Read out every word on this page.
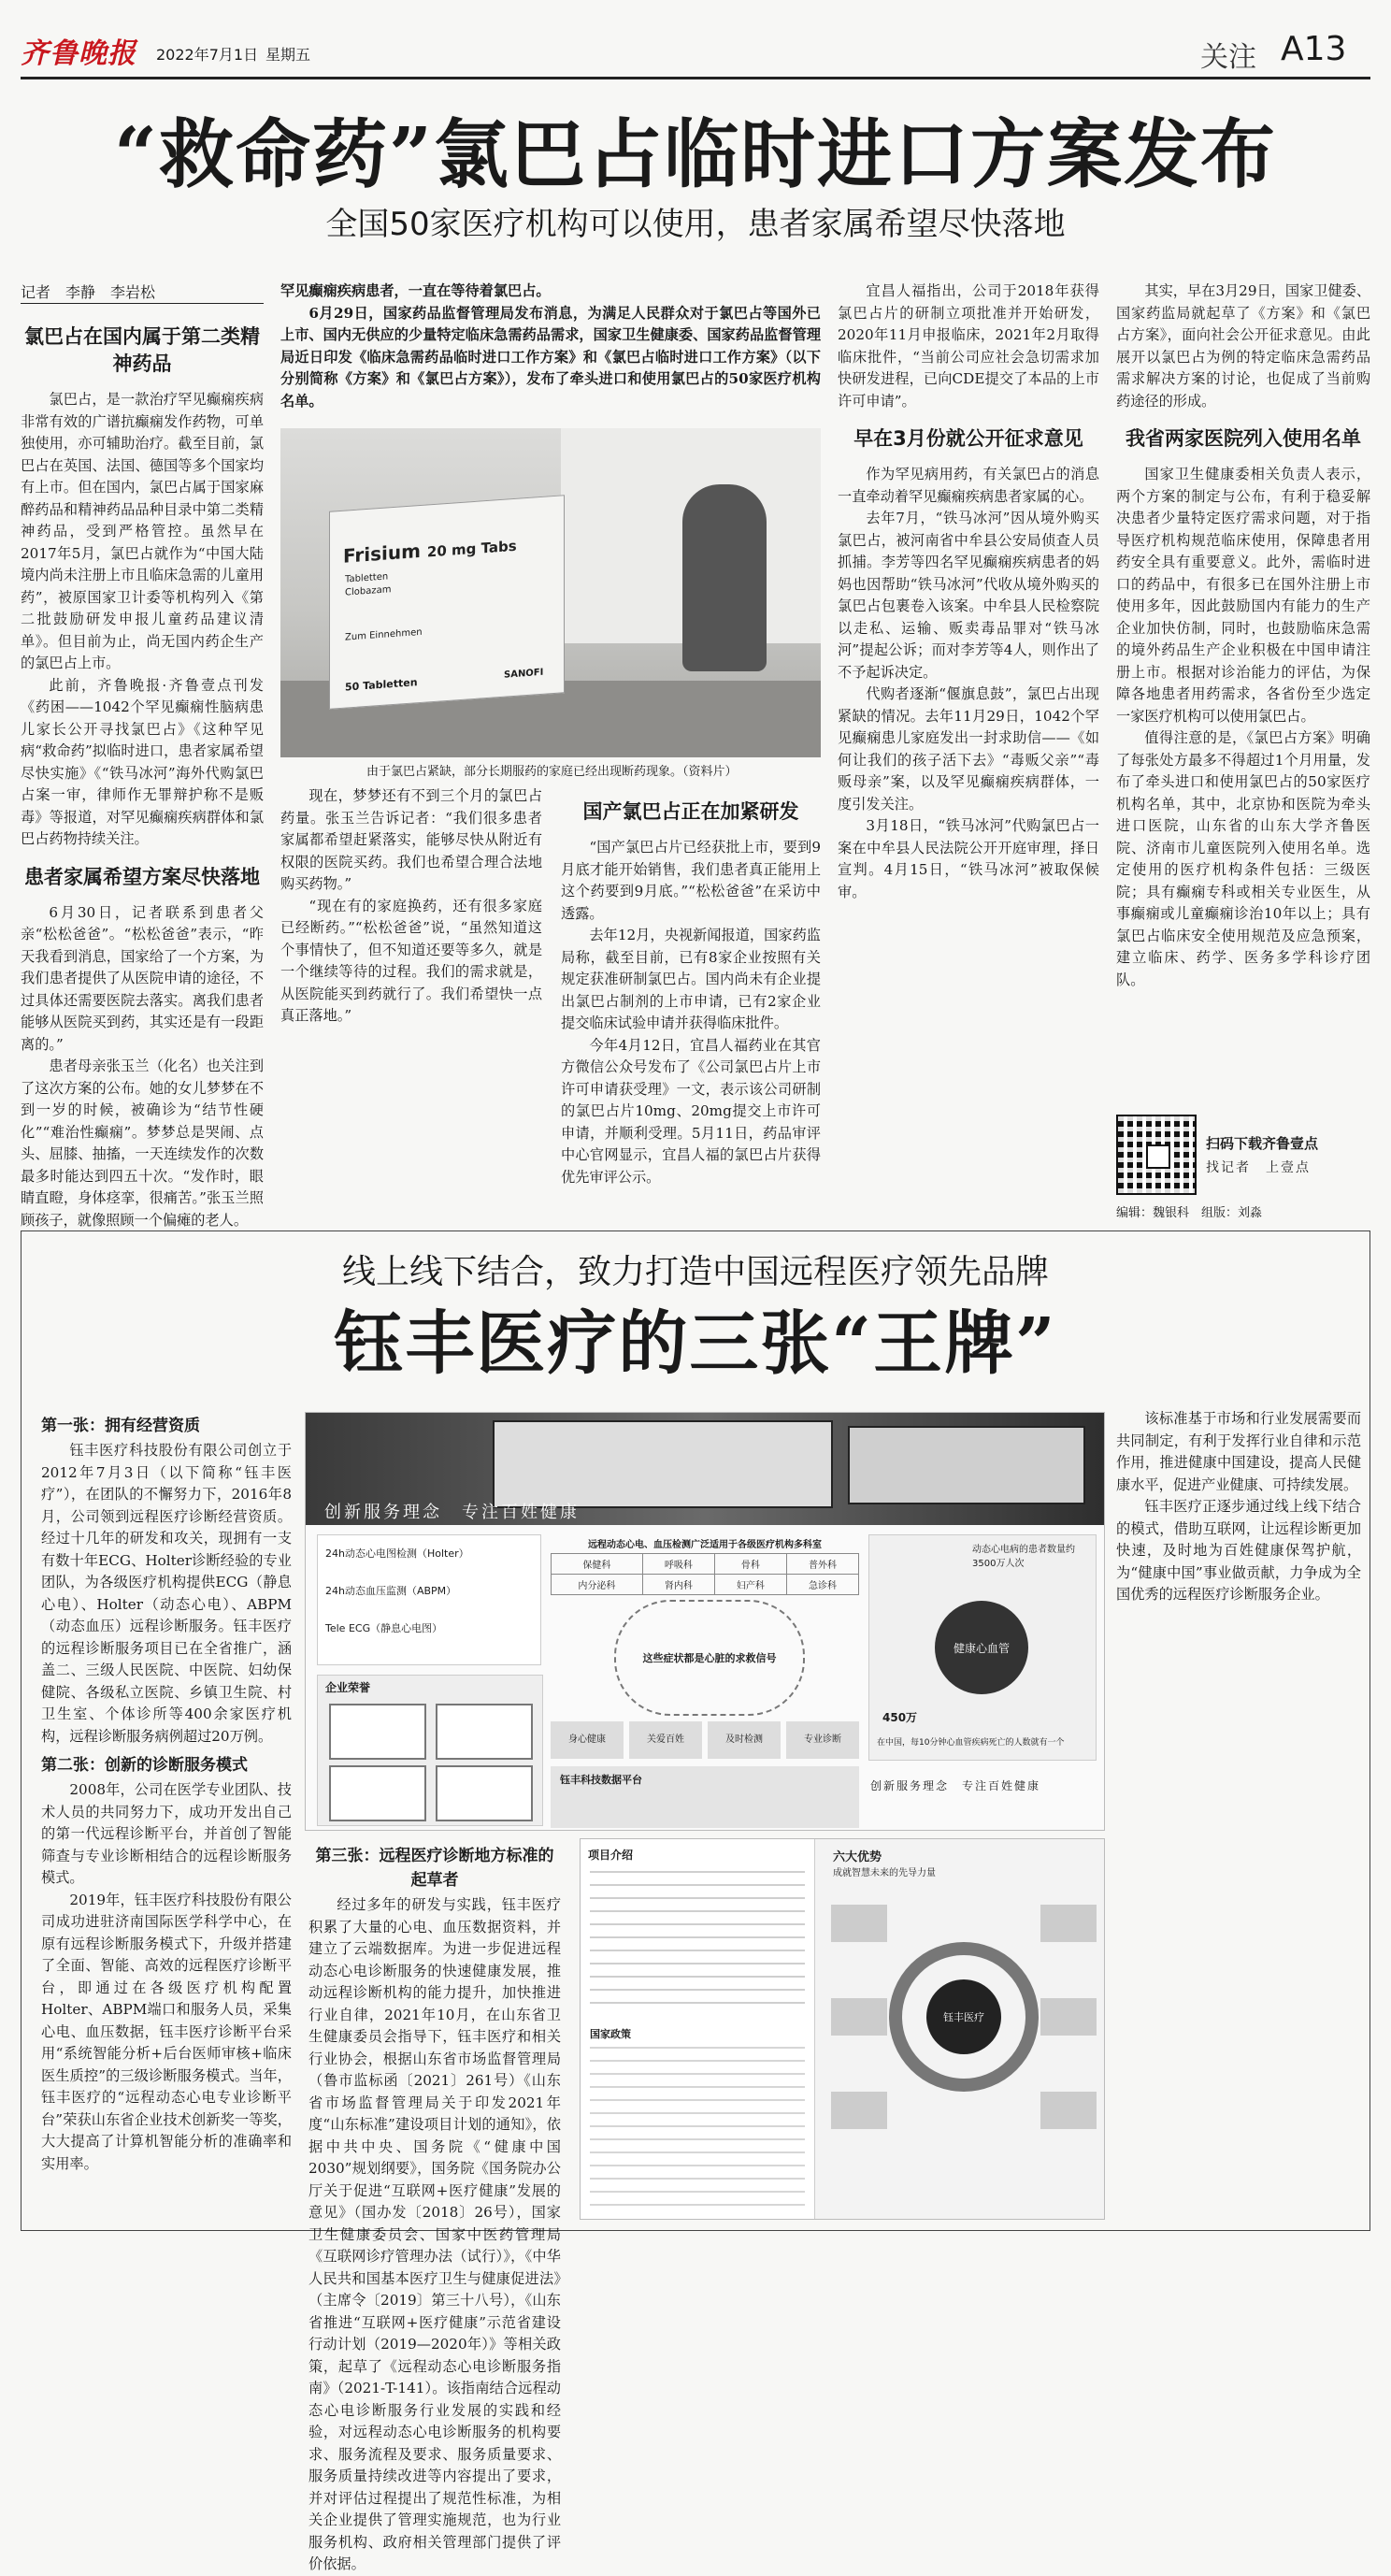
齐鲁晚报 2022年7月1日 星期五	关注 A13
“救命药”氯巴占临时进口方案发布
全国50家医疗机构可以使用，患者家属希望尽快落地
记者　李静　李岩松
氯巴占在国内属于第二类精神药品

氯巴占，是一款治疗罕见癫痫疾病非常有效的广谱抗癫痫发作药物，可单独使用，亦可辅助治疗。截至目前，氯巴占在英国、法国、德国等多个国家均有上市。但在国内，氯巴占属于国家麻醉药品和精神药品品种目录中第二类精神药品，受到严格管控。虽然早在2017年5月，氯巴占就作为“中国大陆境内尚未注册上市且临床急需的儿童用药”，被原国家卫计委等机构列入《第二批鼓励研发申报儿童药品建议清单》。但目前为止，尚无国内药企生产的氯巴占上市。

此前，齐鲁晚报·齐鲁壹点刊发《药困——1042个罕见癫痫性脑病患儿家长公开寻找氯巴占》《这种罕见病“救命药”拟临时进口，患者家属希望尽快实施》《“铁马冰河”海外代购氯巴占案一审，律师作无罪辩护称不是贩毒》等报道，对罕见癫痫疾病群体和氯巴占药物持续关注。

患者家属希望方案尽快落地

6月30日，记者联系到患者父亲“松松爸爸”。“松松爸爸”表示，“昨天我看到消息，国家给了一个方案，为我们患者提供了从医院申请的途径，不过具体还需要医院去落实。离我们患者能够从医院买到药，其实还是有一段距离的。”

患者母亲张玉兰（化名）也关注到了这次方案的公布。她的女儿梦梦在不到一岁的时候，被确诊为“结节性硬化”“难治性癫痫”。梦梦总是哭闹、点头、屈膝、抽搐，一天连续发作的次数最多时能达到四五十次。“发作时，眼睛直瞪，身体痉挛，很痛苦。”张玉兰照顾孩子，就像照顾一个偏瘫的老人。

罕见癫痫疾病患者，一直在等待着氯巴占。

6月29日，国家药品监督管理局发布消息，为满足人民群众对于氯巴占等国外已上市、国内无供应的少量特定临床急需药品需求，国家卫生健康委、国家药品监督管理局近日印发《临床急需药品临时进口工作方案》和《氯巴占临时进口工作方案》（以下分别简称《方案》和《氯巴占方案》），发布了牵头进口和使用氯巴占的50家医疗机构名单。

Frisium 20 mg Tabs
Tabletten
Clobazam
Zum Einnehmen
50 Tabletten
SANOFI
由于氯巴占紧缺，部分长期服药的家庭已经出现断药现象。（资料片）

现在，梦梦还有不到三个月的氯巴占药量。张玉兰告诉记者：“我们很多患者家属都希望赶紧落实，能够尽快从附近有权限的医院买药。我们也希望合理合法地购买药物。”

“现在有的家庭换药，还有很多家庭已经断药。”“松松爸爸”说，“虽然知道这个事情快了，但不知道还要等多久，就是一个继续等待的过程。我们的需求就是，从医院能买到药就行了。我们希望快一点真正落地。”

国产氯巴占正在加紧研发

“国产氯巴占片已经获批上市，要到9月底才能开始销售，我们患者真正能用上这个药要到9月底。”“松松爸爸”在采访中透露。

去年12月，央视新闻报道，国家药监局称，截至目前，已有8家企业按照有关规定获准研制氯巴占。国内尚未有企业提出氯巴占制剂的上市申请，已有2家企业提交临床试验申请并获得临床批件。

今年4月12日，宜昌人福药业在其官方微信公众号发布了《公司氯巴占片上市许可申请获受理》一文，表示该公司研制的氯巴占片10mg、20mg提交上市许可申请，并顺利受理。5月11日，药品审评中心官网显示，宜昌人福的氯巴占片获得优先审评公示。

宜昌人福指出，公司于2018年获得氯巴占片的研制立项批准并开始研发，2020年11月申报临床，2021年2月取得临床批件，“当前公司应社会急切需求加快研发进程，已向CDE提交了本品的上市许可申请”。

早在3月份就公开征求意见

作为罕见病用药，有关氯巴占的消息一直牵动着罕见癫痫疾病患者家属的心。

去年7月，“铁马冰河”因从境外购买氯巴占，被河南省中牟县公安局侦查人员抓捕。李芳等四名罕见癫痫疾病患者的妈妈也因帮助“铁马冰河”代收从境外购买的氯巴占包裹卷入该案。中牟县人民检察院以走私、运输、贩卖毒品罪对“铁马冰河”提起公诉；而对李芳等4人，则作出了不予起诉决定。

代购者逐渐“偃旗息鼓”，氯巴占出现紧缺的情况。去年11月29日，1042个罕见癫痫患儿家庭发出一封求助信——《如何让我们的孩子活下去》“毒贩父亲”“毒贩母亲”案，以及罕见癫痫疾病群体，一度引发关注。

3月18日，“铁马冰河”代购氯巴占一案在中牟县人民法院公开开庭审理，择日宣判。4月15日，“铁马冰河”被取保候审。

其实，早在3月29日，国家卫健委、国家药监局就起草了《方案》和《氯巴占方案》，面向社会公开征求意见。由此展开以氯巴占为例的特定临床急需药品需求解决方案的讨论，也促成了当前购药途径的形成。

我省两家医院列入使用名单

国家卫生健康委相关负责人表示，两个方案的制定与公布，有利于稳妥解决患者少量特定医疗需求问题，对于指导医疗机构规范临床使用，保障患者用药安全具有重要意义。此外，需临时进口的药品中，有很多已在国外注册上市使用多年，因此鼓励国内有能力的生产企业加快仿制，同时，也鼓励临床急需的境外药品生产企业积极在中国申请注册上市。根据对诊治能力的评估，为保障各地患者用药需求，各省份至少选定一家医疗机构可以使用氯巴占。

值得注意的是，《氯巴占方案》明确了每张处方最多不得超过1个月用量，发布了牵头进口和使用氯巴占的50家医疗机构名单，其中，北京协和医院为牵头进口医院，山东省的山东大学齐鲁医院、济南市儿童医院列入使用名单。选定使用的医疗机构条件包括：三级医院；具有癫痫专科或相关专业医生，从事癫痫或儿童癫痫诊治10年以上；具有氯巴占临床安全使用规范及应急预案，建立临床、药学、医务多学科诊疗团队。

扫码下载齐鲁壹点
找记者　上壹点
编辑：魏银科　组版：刘淼
线上线下结合，致力打造中国远程医疗领先品牌
钰丰医疗的三张“王牌”
第一张：拥有经营资质

钰丰医疗科技股份有限公司创立于2012年7月3日（以下简称“钰丰医疗”），在团队的不懈努力下，2016年8月，公司领到远程医疗诊断经营资质。经过十几年的研发和攻关，现拥有一支有数十年ECG、Holter诊断经验的专业团队，为各级医疗机构提供ECG（静息心电）、Holter（动态心电）、ABPM（动态血压）远程诊断服务。钰丰医疗的远程诊断服务项目已在全省推广，涵盖二、三级人民医院、中医院、妇幼保健院、各级私立医院、乡镇卫生院、村卫生室、个体诊所等400余家医疗机构，远程诊断服务病例超过20万例。

第二张：创新的诊断服务模式

2008年，公司在医学专业团队、技术人员的共同努力下，成功开发出自己的第一代远程诊断平台，并首创了智能筛查与专业诊断相结合的远程诊断服务模式。

2019年，钰丰医疗科技股份有限公司成功进驻济南国际医学科学中心，在原有远程诊断服务模式下，升级并搭建了全面、智能、高效的远程医疗诊断平台，即通过在各级医疗机构配置Holter、ABPM端口和服务人员，采集心电、血压数据，钰丰医疗诊断平台采用“系统智能分析+后台医师审核+临床医生质控”的三级诊断服务模式。当年，钰丰医疗的“远程动态心电专业诊断平台”荣获山东省企业技术创新奖一等奖，大大提高了计算机智能分析的准确率和实用率。

第三张：远程医疗诊断地方标准的起草者

经过多年的研发与实践，钰丰医疗积累了大量的心电、血压数据资料，并建立了云端数据库。为进一步促进远程动态心电诊断服务的快速健康发展，推动远程诊断机构的能力提升，加快推进行业自律，2021年10月，在山东省卫生健康委员会指导下，钰丰医疗和相关行业协会，根据山东省市场监督管理局（鲁市监标函〔2021〕261号）《山东省市场监督管理局关于印发2021年度“山东标准”建设项目计划的通知》，依据中共中央、国务院《“健康中国2030”规划纲要》，国务院《国务院办公厅关于促进“互联网+医疗健康”发展的意见》（国办发〔2018〕26号），国家卫生健康委员会、国家中医药管理局《互联网诊疗管理办法（试行）》，《中华人民共和国基本医疗卫生与健康促进法》（主席令〔2019〕第三十八号），《山东省推进“互联网+医疗健康”示范省建设行动计划（2019—2020年）》等相关政策，起草了《远程动态心电诊断服务指南》（2021-T-141）。该指南结合远程动态心电诊断服务行业发展的实践和经验，对远程动态心电诊断服务的机构要求、服务流程及要求、服务质量要求、服务质量持续改进等内容提出了要求，并对评估过程提出了规范性标准，为相关企业提供了管理实施规范，也为行业服务机构、政府相关管理部门提供了评价依据。

该标准基于市场和行业发展需要而共同制定，有利于发挥行业自律和示范作用，推进健康中国建设，提高人民健康水平，促进产业健康、可持续发展。

钰丰医疗正逐步通过线上线下结合的模式，借助互联网，让远程诊断更加快速，及时地为百姓健康保驾护航，为“健康中国”事业做贡献，力争成为全国优秀的远程医疗诊断服务企业。

创新服务理念　专注百姓健康
24h动态心电图检测（Holter）
24h动态血压监测（ABPM）
Tele ECG（静息心电图）
企业荣誉
远程动态心电、血压检测广泛适用于各级医疗机构多科室
保健科	呼吸科	骨科	普外科
内分泌科	肾内科	妇产科	急诊科
这些症状都是心脏的求救信号
身心健康	关爱百姓	及时检测	专业诊断
动态心电病的患者数量约3500万人次
健康心血管
450万
在中国，每10分钟心血管疾病死亡的人数就有一个
钰丰科技数据平台	创新服务理念　专注百姓健康
项目介绍
国家政策
六大优势
成就智慧未来的先导力量
钰丰医疗
